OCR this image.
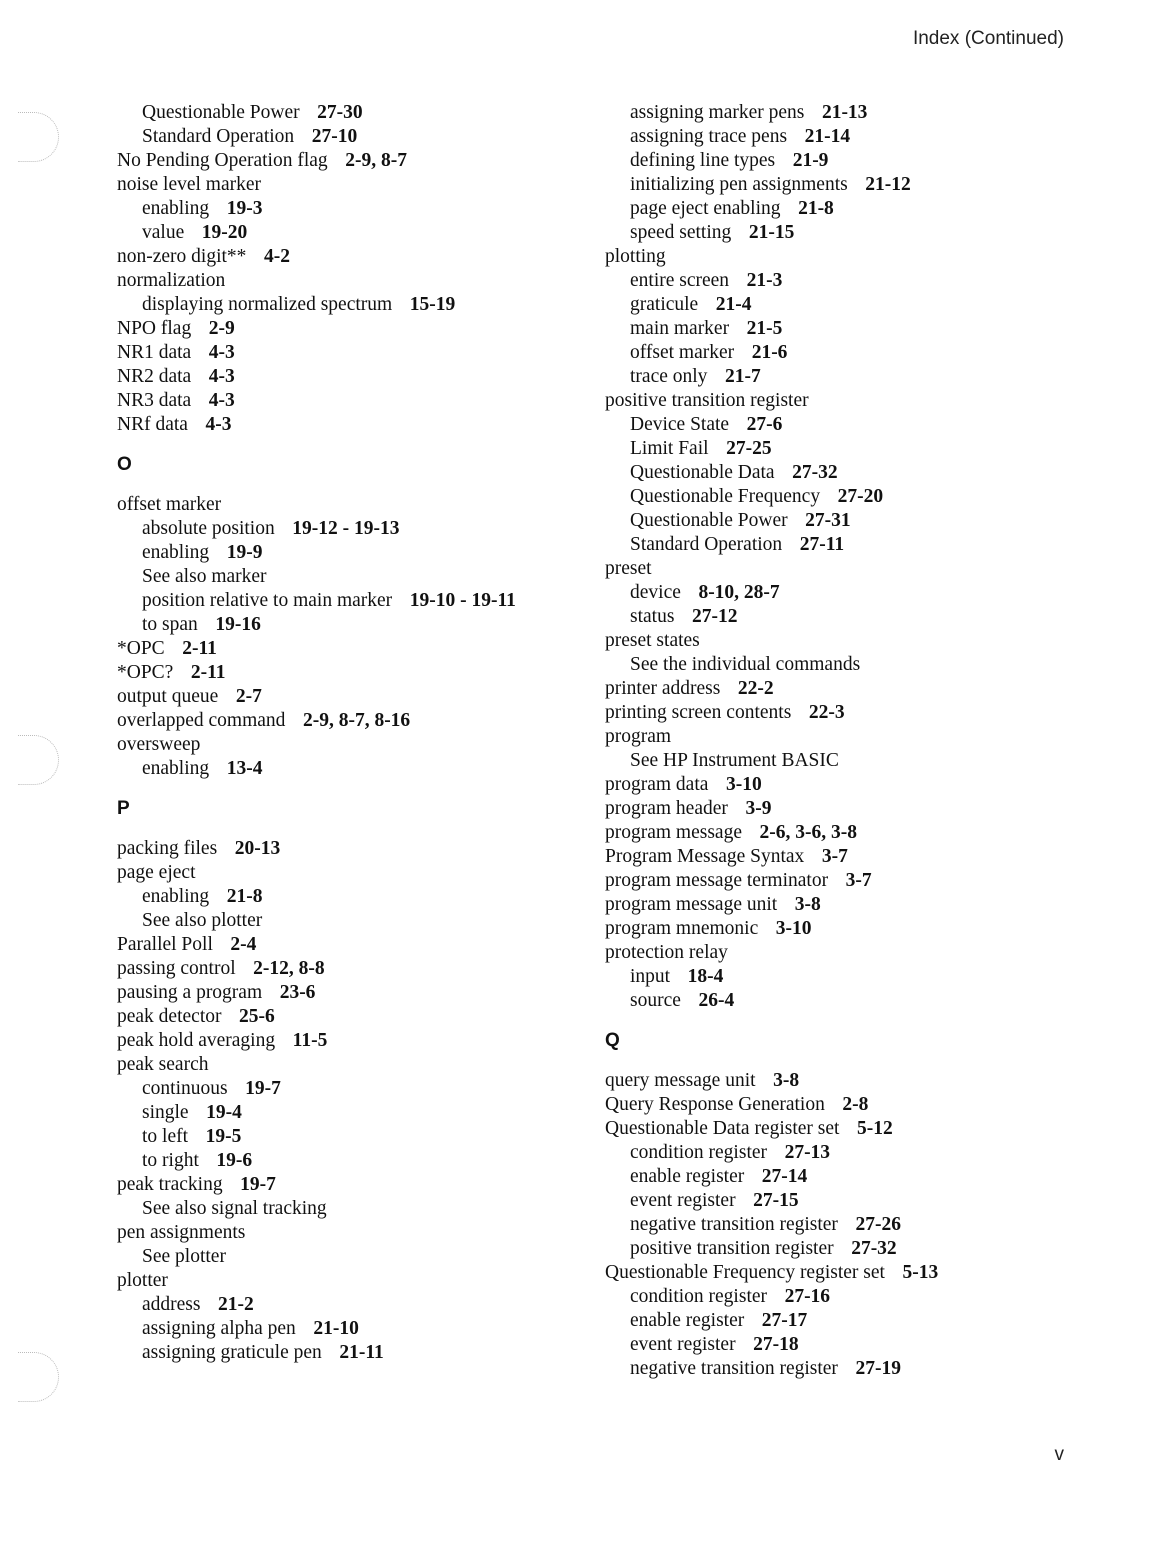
Index (Continued)
Questionable Power 27-30
Standard Operation 27-10
No Pending Operation flag 2-9, 8-7
noise level marker
enabling 19-3
value 19-20
non-zero digit** 4-2
normalization
displaying normalized spectrum 15-19
NPO flag 2-9
NR1 data 4-3
NR2 data 4-3
NR3 data 4-3
NRf data 4-3
O
offset marker
absolute position 19-12 - 19-13
enabling 19-9
See also marker
position relative to main marker 19-10 - 19-11
to span 19-16
*OPC 2-11
*OPC? 2-11
output queue 2-7
overlapped command 2-9, 8-7, 8-16
oversweep
enabling 13-4
P
packing files 20-13
page eject
enabling 21-8
See also plotter
Parallel Poll 2-4
passing control 2-12, 8-8
pausing a program 23-6
peak detector 25-6
peak hold averaging 11-5
peak search
continuous 19-7
single 19-4
to left 19-5
to right 19-6
peak tracking 19-7
See also signal tracking
pen assignments
See plotter
plotter
address 21-2
assigning alpha pen 21-10
assigning graticule pen 21-11
assigning marker pens 21-13
assigning trace pens 21-14
defining line types 21-9
initializing pen assignments 21-12
page eject enabling 21-8
speed setting 21-15
plotting
entire screen 21-3
graticule 21-4
main marker 21-5
offset marker 21-6
trace only 21-7
positive transition register
Device State 27-6
Limit Fail 27-25
Questionable Data 27-32
Questionable Frequency 27-20
Questionable Power 27-31
Standard Operation 27-11
preset
device 8-10, 28-7
status 27-12
preset states
See the individual commands
printer address 22-2
printing screen contents 22-3
program
See HP Instrument BASIC
program data 3-10
program header 3-9
program message 2-6, 3-6, 3-8
Program Message Syntax 3-7
program message terminator 3-7
program message unit 3-8
program mnemonic 3-10
protection relay
input 18-4
source 26-4
Q
query message unit 3-8
Query Response Generation 2-8
Questionable Data register set 5-12
condition register 27-13
enable register 27-14
event register 27-15
negative transition register 27-26
positive transition register 27-32
Questionable Frequency register set 5-13
condition register 27-16
enable register 27-17
event register 27-18
negative transition register 27-19
v
